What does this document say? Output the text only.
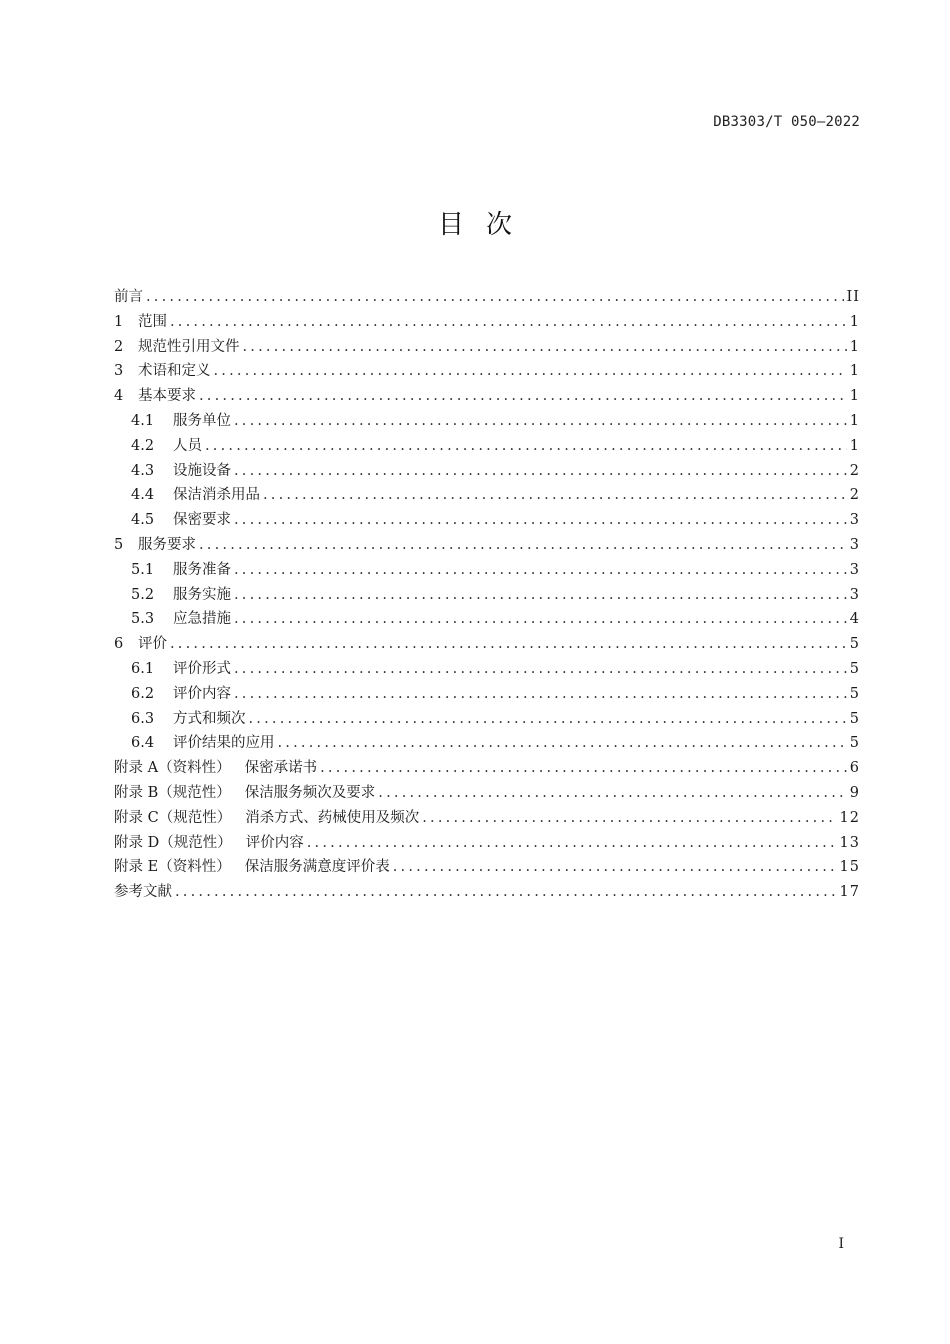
DB3303/T 050—2022
目次
前言 .....	II
1 范围 .....	1
2 规范性引用文件 .....	1
3 术语和定义 .....	1
4 基本要求 .....	1
4.1 服务单位 .....	1
4.2 人员 .....	1
4.3 设施设备 .....	2
4.4 保洁消杀用品 .....	2
4.5 保密要求 .....	3
5 服务要求 .....	3
5.1 服务准备 .....	3
5.2 服务实施 .....	3
5.3 应急措施 .....	4
6 评价 .....	5
6.1 评价形式 .....	5
6.2 评价内容 .....	5
6.3 方式和频次 .....	5
6.4 评价结果的应用 .....	5
附录 A（资料性） 保密承诺书 .....	6
附录 B（规范性） 保洁服务频次及要求 .....	9
附录 C（规范性） 消杀方式、药械使用及频次 .....	12
附录 D（规范性） 评价内容 .....	13
附录 E（资料性） 保洁服务满意度评价表 .....	15
参考文献 .....	17
I
